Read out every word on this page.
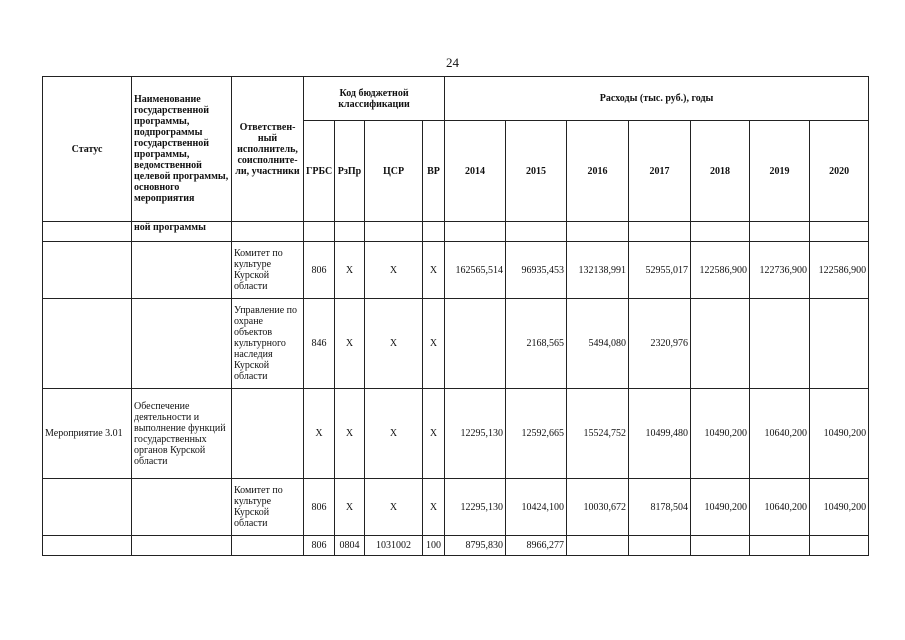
24
Статус	Наименование государственной программы, подпрограммы государственной программы, ведомственной целевой программы, основного мероприятия	Ответствен-ный исполнитель, соисполните-ли, участники	Код бюджетной классификации				Расходы (тыс. руб.), годы						
			ГРБС	РзПр	ЦСР	ВР	2014	2015	2016	2017	2018	2019	2020
	ной программы												
		Комитет по культуре Курской области	806	Х	Х	Х	162565,514	96935,453	132138,991	52955,017	122586,900	122736,900	122586,900
		Управление по охране объектов культурного наследия Курской области	846	Х	Х	Х		2168,565	5494,080	2320,976			
Мероприятие 3.01	Обеспечение деятельности и выполнение функций государственных органов Курской области		Х	Х	Х	Х	12295,130	12592,665	15524,752	10499,480	10490,200	10640,200	10490,200
		Комитет по культуре Курской области	806	Х	Х	Х	12295,130	10424,100	10030,672	8178,504	10490,200	10640,200	10490,200
			806	0804	1031002	100	8795,830	8966,277					
